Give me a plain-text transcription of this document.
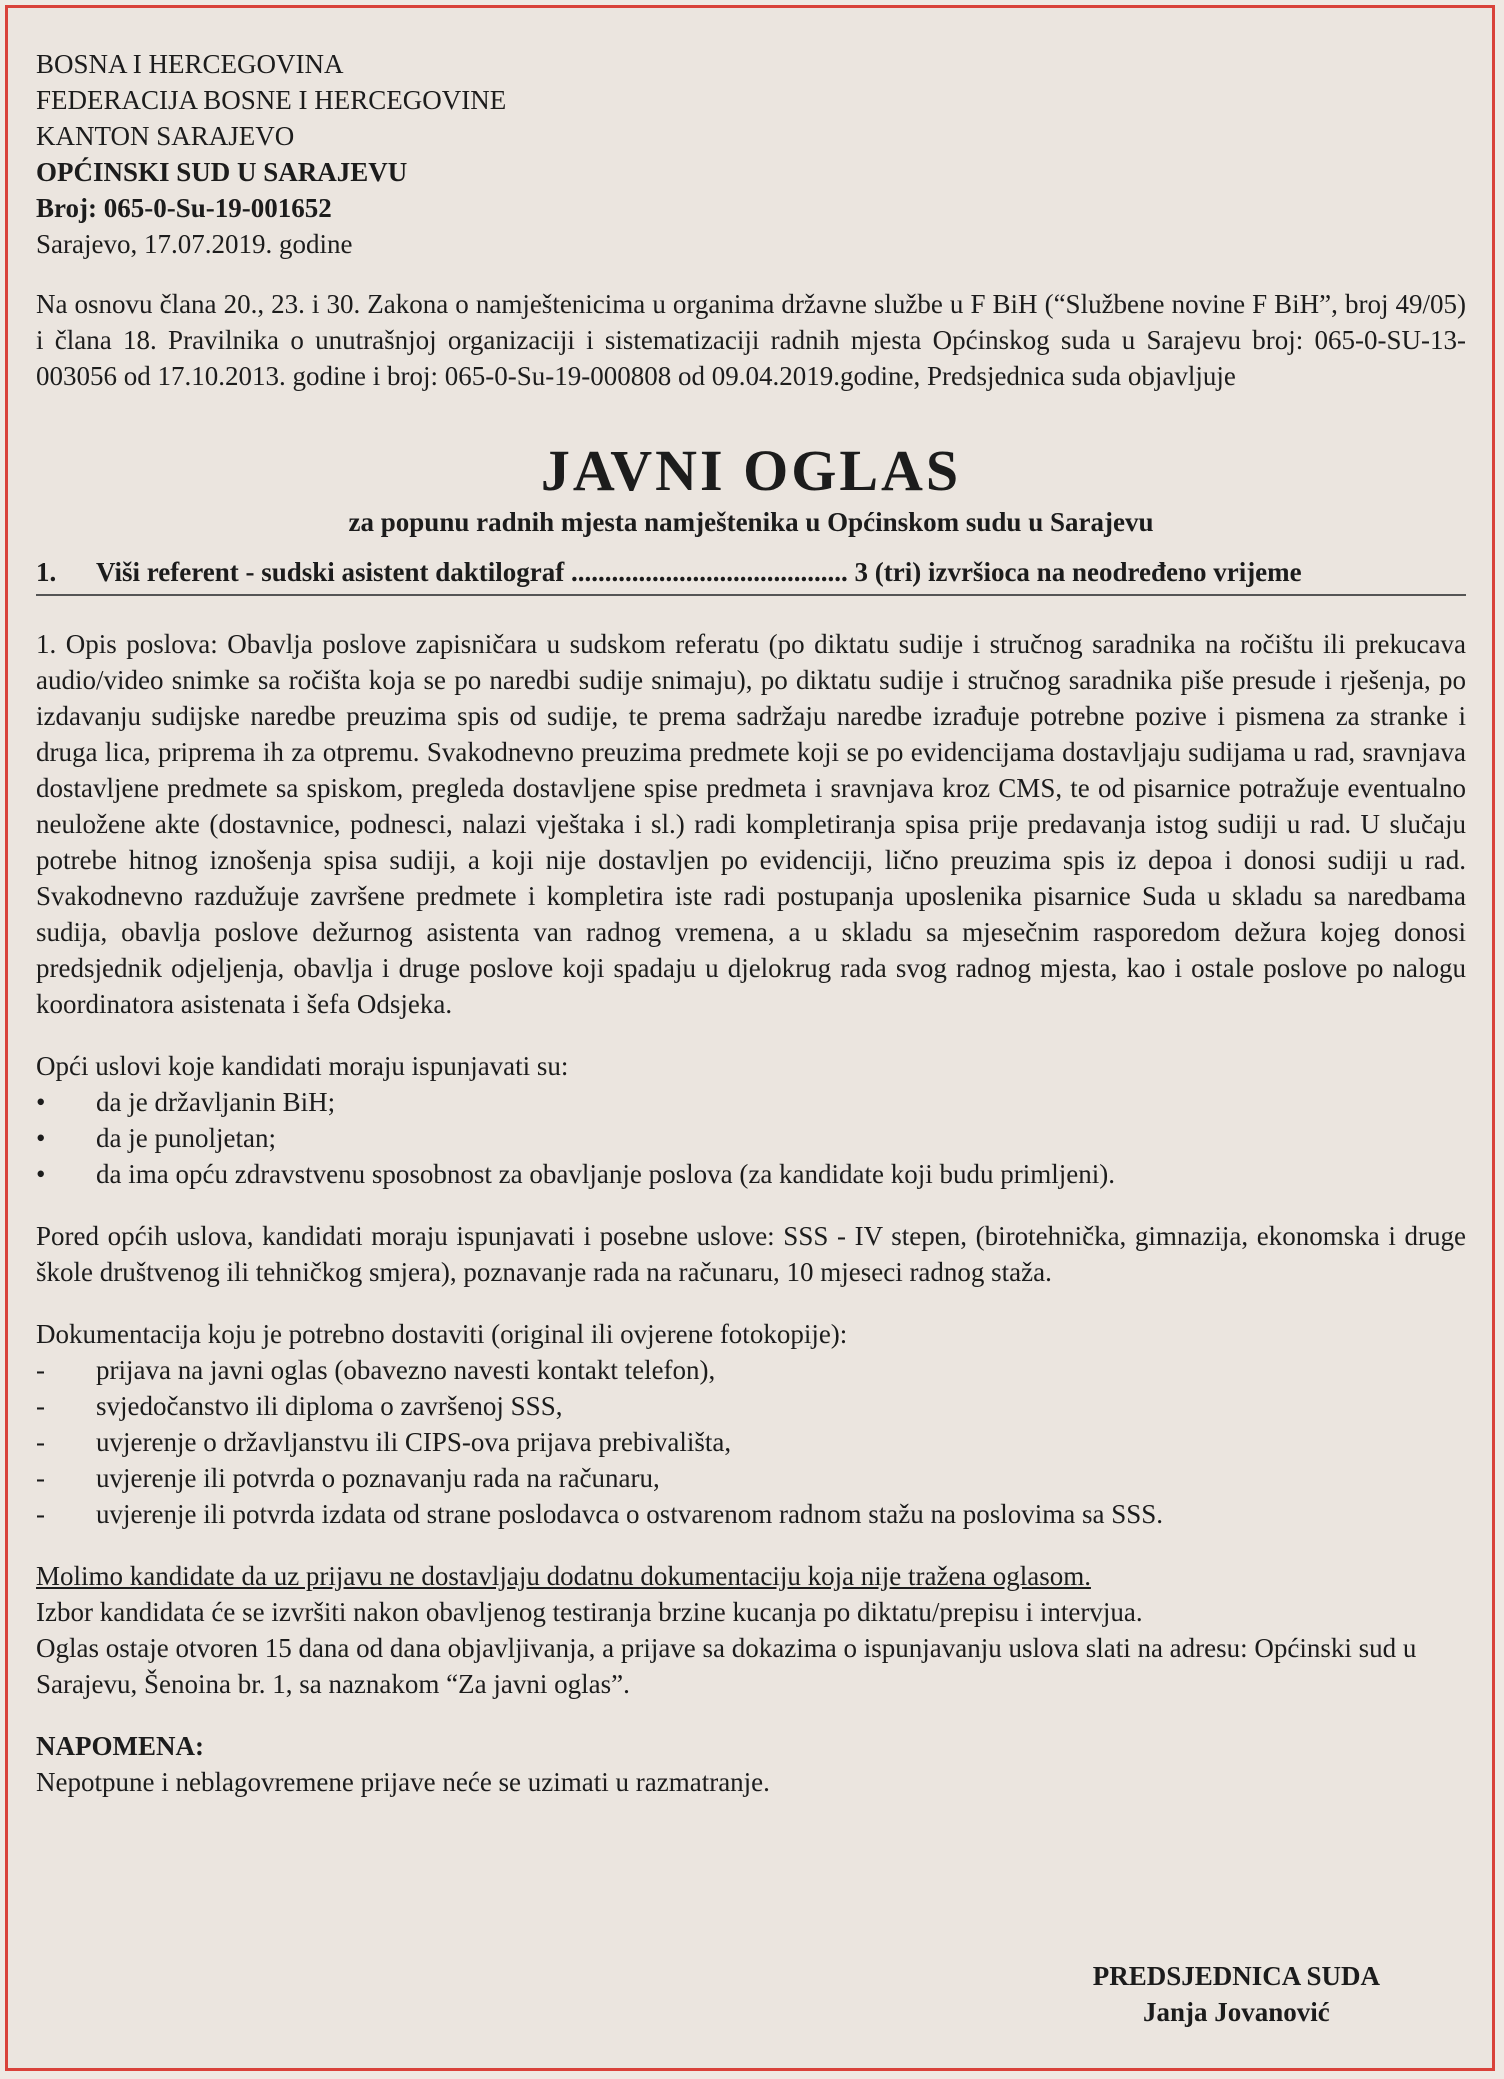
BOSNA I HERCEGOVINA

FEDERACIJA BOSNE I HERCEGOVINE

KANTON SARAJEVO

OPĆINSKI SUD U SARAJEVU

Broj: 065-0-Su-19-001652

Sarajevo, 17.07.2019. godine

Na osnovu člana 20., 23. i 30. Zakona o namještenicima u organima državne službe u F BiH (“Službene novine F BiH”, broj 49/05) i člana 18. Pravilnika o unutrašnjoj organizaciji i sistematizaciji radnih mjesta Općinskog suda u Sarajevu broj: 065-0-SU-13-003056 od 17.10.2013. godine i broj: 065-0-Su-19-000808 od 09.04.2019.godine, Predsjednica suda objavljuje

JAVNI OGLAS

za popunu radnih mjesta namještenika u Općinskom sudu u Sarajevu

1.	Viši referent - sudski asistent daktilograf ......................................... 3 (tri) izvršioca na neodređeno vrijeme

1. Opis poslova: Obavlja poslove zapisničara u sudskom referatu (po diktatu sudije i stručnog saradnika na ročištu ili prekucava audio/video snimke sa ročišta koja se po naredbi sudije snimaju), po diktatu sudije i stručnog saradnika piše presude i rješenja, po izdavanju sudijske naredbe preuzima spis od sudije, te prema sadržaju naredbe izrađuje potrebne pozive i pismena za stranke i druga lica, priprema ih za otpremu. Svakodnevno preuzima predmete koji se po evidencijama dostavljaju sudijama u rad, sravnjava dostavljene predmete sa spiskom, pregleda dostavljene spise predmeta i sravnjava kroz CMS, te od pisarnice potražuje eventualno neuložene akte (dostavnice, podnesci, nalazi vještaka i sl.) radi kompletiranja spisa prije predavanja istog sudiji u rad. U slučaju potrebe hitnog iznošenja spisa sudiji, a koji nije dostavljen po evidenciji, lično preuzima spis iz depoa i donosi sudiji u rad. Svakodnevno razdužuje završene predmete i kompletira iste radi postupanja uposlenika pisarnice Suda u skladu sa naredbama sudija, obavlja poslove dežurnog asistenta van radnog vremena, a u skladu sa mjesečnim rasporedom dežura kojeg donosi predsjednik odjeljenja, obavlja i druge poslove koji spadaju u djelokrug rada svog radnog mjesta, kao i ostale poslove po nalogu koordinatora asistenata i šefa Odsjeka.

Opći uslovi koje kandidati moraju ispunjavati su:

•	da je državljanin BiH;
•	da je punoljetan;
•	da ima opću zdravstvenu sposobnost za obavljanje poslova (za kandidate koji budu primljeni).

Pored općih uslova, kandidati moraju ispunjavati i posebne uslove: SSS - IV stepen, (birotehnička, gimnazija, ekonomska i druge škole društvenog ili tehničkog smjera), poznavanje rada na računaru, 10 mjeseci radnog staža.

Dokumentacija koju je potrebno dostaviti (original ili ovjerene fotokopije):

-	prijava na javni oglas (obavezno navesti kontakt telefon),
-	svjedočanstvo ili diploma o završenoj SSS,
-	uvjerenje o državljanstvu ili CIPS-ova prijava prebivališta,
-	uvjerenje ili potvrda o poznavanju rada na računaru,
-	uvjerenje ili potvrda izdata od strane poslodavca o ostvarenom radnom stažu na poslovima sa SSS.

Molimo kandidate da uz prijavu ne dostavljaju dodatnu dokumentaciju koja nije tražena oglasom.

Izbor kandidata će se izvršiti nakon obavljenog testiranja brzine kucanja po diktatu/prepisu i intervjua.

Oglas ostaje otvoren 15 dana od dana objavljivanja, a prijave sa dokazima o ispunjavanju uslova slati na adresu: Općinski sud u Sarajevu, Šenoina br. 1, sa naznakom “Za javni oglas”.

NAPOMENA:

Nepotpune i neblagovremene prijave neće se uzimati u razmatranje.

PREDSJEDNICA SUDA

Janja Jovanović
